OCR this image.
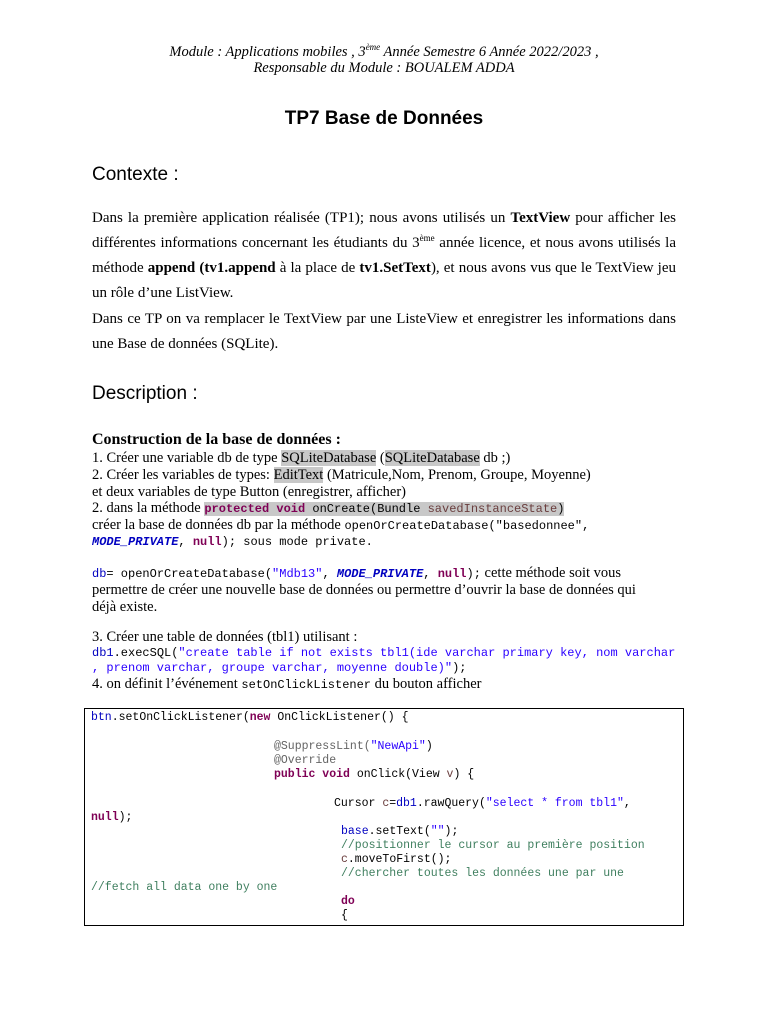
Module : Applications mobiles , 3ème Année Semestre 6 Année 2022/2023 ,
Responsable du Module : BOUALEM ADDA
TP7 Base de Données
Contexte :
Dans la première application réalisée (TP1); nous avons utilisés un TextView pour afficher les différentes informations concernant les étudiants du 3ème année licence, et nous avons utilisés la méthode append (tv1.append à la place de tv1.SetText), et nous avons vus que le TextView jeu un rôle d’une ListView.
Dans ce TP on va remplacer le TextView par une ListeView et enregistrer les informations dans une Base de données (SQLite).
Description :
Construction de la base de données :
1. Créer une variable db de type SQLiteDatabase (SQLiteDatabase db ;)
2. Créer les variables de types: EditText (Matricule,Nom, Prenom, Groupe, Moyenne)
et deux variables de type Button (enregistrer, afficher)
2. dans la méthode protected void onCreate(Bundle savedInstanceState)
créer la base de données db par la méthode openOrCreateDatabase("basedonnee",
MODE_PRIVATE, null); sous mode private.
db= openOrCreateDatabase("Mdb13", MODE_PRIVATE, null); cette méthode soit vous
permettre de créer une nouvelle base de données ou permettre d’ouvrir la base de données qui
déjà existe.
3. Créer une table de données (tbl1) utilisant :
db1.execSQL("create table if not exists tbl1(ide varchar primary key, nom varchar
, prenom varchar, groupe varchar, moyenne double)");
4. on définit l’événement setOnClickListener du bouton afficher
btn.setOnClickListener(new OnClickListener() {
@SuppressLint("NewApi")
@Override
public void onClick(View v) {
Cursor c=db1.rawQuery("select * from tbl1",
null);
base.setText("");
//positionner le cursor au première position
c.moveToFirst();
//chercher toutes les données une par une
//fetch all data one by one
do
{
